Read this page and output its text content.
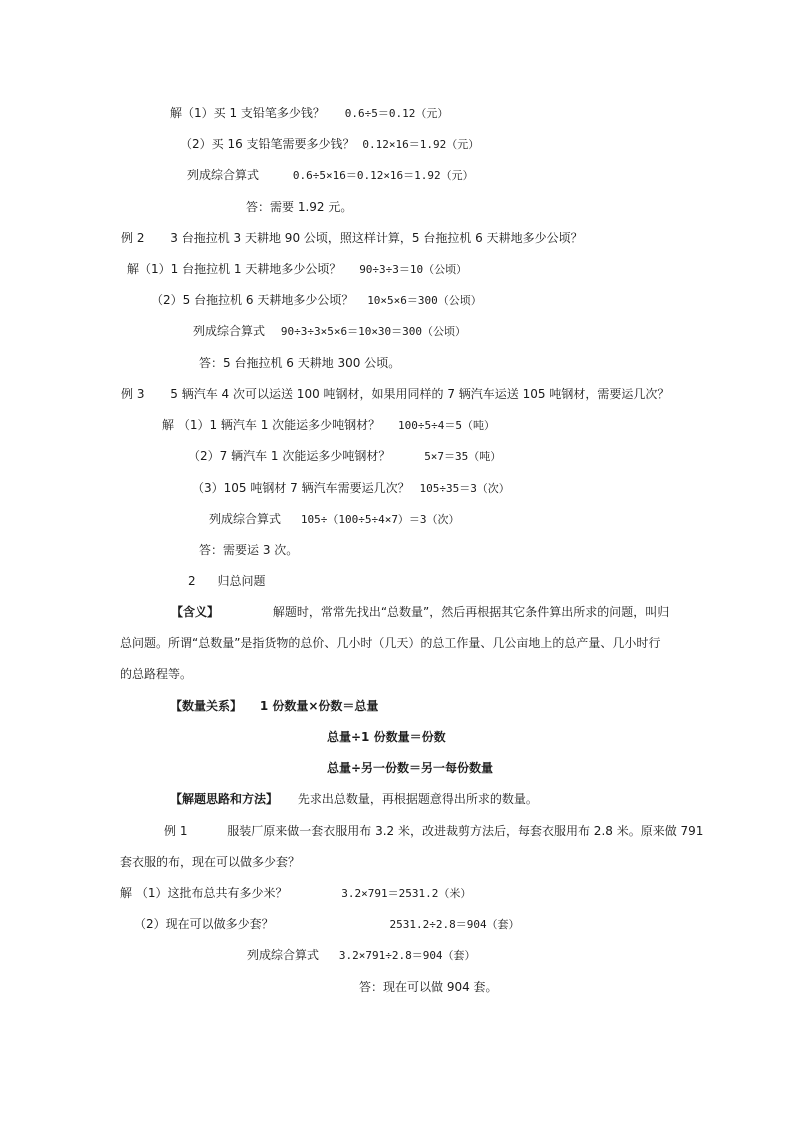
解（1）买 1 支铅笔多少钱？ 0.6÷5＝0.12（元）
（2）买 16 支铅笔需要多少钱？ 0.12×16＝1.92（元）
列成综合算式	0.6÷5×16＝0.12×16＝1.92（元）
答：需要 1.92 元。
例 2 3 台拖拉机 3 天耕地 90 公顷，照这样计算，5 台拖拉机 6 天耕地多少公顷？
解（1）1 台拖拉机 1 天耕地多少公顷？ 90÷3÷3＝10（公顷）
（2）5 台拖拉机 6 天耕地多少公顷？ 10×5×6＝300（公顷）
列成综合算式 90÷3÷3×5×6＝10×30＝300（公顷）
答：5 台拖拉机 6 天耕地 300 公顷。
例 3 5 辆汽车 4 次可以运送 100 吨钢材，如果用同样的 7 辆汽车运送 105 吨钢材，需要运几次？
解 （1）1 辆汽车 1 次能运多少吨钢材？ 100÷5÷4＝5（吨）
（2）7 辆汽车 1 次能运多少吨钢材？	5×7＝35（吨）
（3）105 吨钢材 7 辆汽车需要运几次？ 105÷35＝3（次）
列成综合算式 105÷（100÷5÷4×7）＝3（次）
答：需要运 3 次。
2 归总问题
【含义】	解题时，常常先找出“总数量”，然后再根据其它条件算出所求的问题，叫归
总问题。所谓“总数量”是指货物的总价、几小时（几天）的总工作量、几公亩地上的总产量、几小时行
的总路程等。
【数量关系】 1 份数量×份数＝总量
总量÷1 份数量＝份数
总量÷另一份数＝另一每份数量
【解题思路和方法】 先求出总数量，再根据题意得出所求的数量。
例 1	服装厂原来做一套衣服用布 3.2 米，改进裁剪方法后，每套衣服用布 2.8 米。原来做 791
套衣服的布，现在可以做多少套？
解 （1）这批布总共有多少米？	3.2×791＝2531.2（米）
（2）现在可以做多少套？	2531.2÷2.8＝904（套）
列成综合算式 3.2×791÷2.8＝904（套）
答：现在可以做 904 套。
